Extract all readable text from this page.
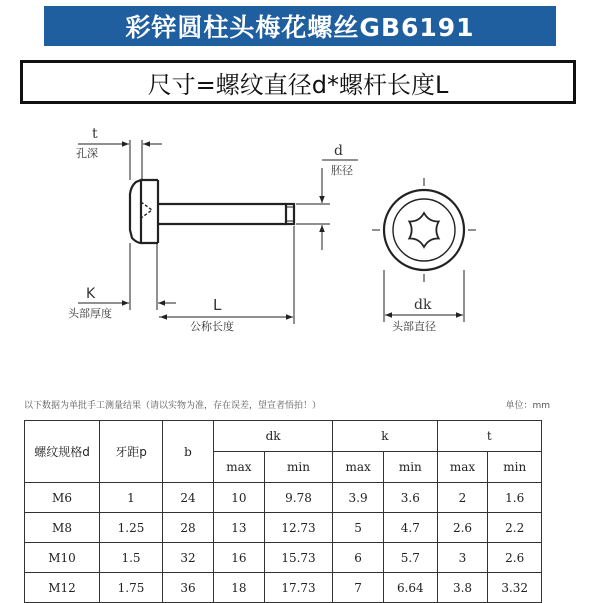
彩锌圆柱头梅花螺丝GB6191
尺寸=螺纹直径d*螺杆长度L
t
孔深	d
胚径
K
头部厚度	L
公称长度
dk
头部直径
以下数据为单批手工测量结果（请以实物为准，存在误差，望宣者悟拍！）	单位：mm
螺纹规格d	牙距p	b	dk		k		t	
			max	min	max	min	max	min
M6	1	24	10	9.78	3.9	3.6	2	1.6
M8	1.25	28	13	12.73	5	4.7	2.6	2.2
M10	1.5	32	16	15.73	6	5.7	3	2.6
M12	1.75	36	18	17.73	7	6.64	3.8	3.32
